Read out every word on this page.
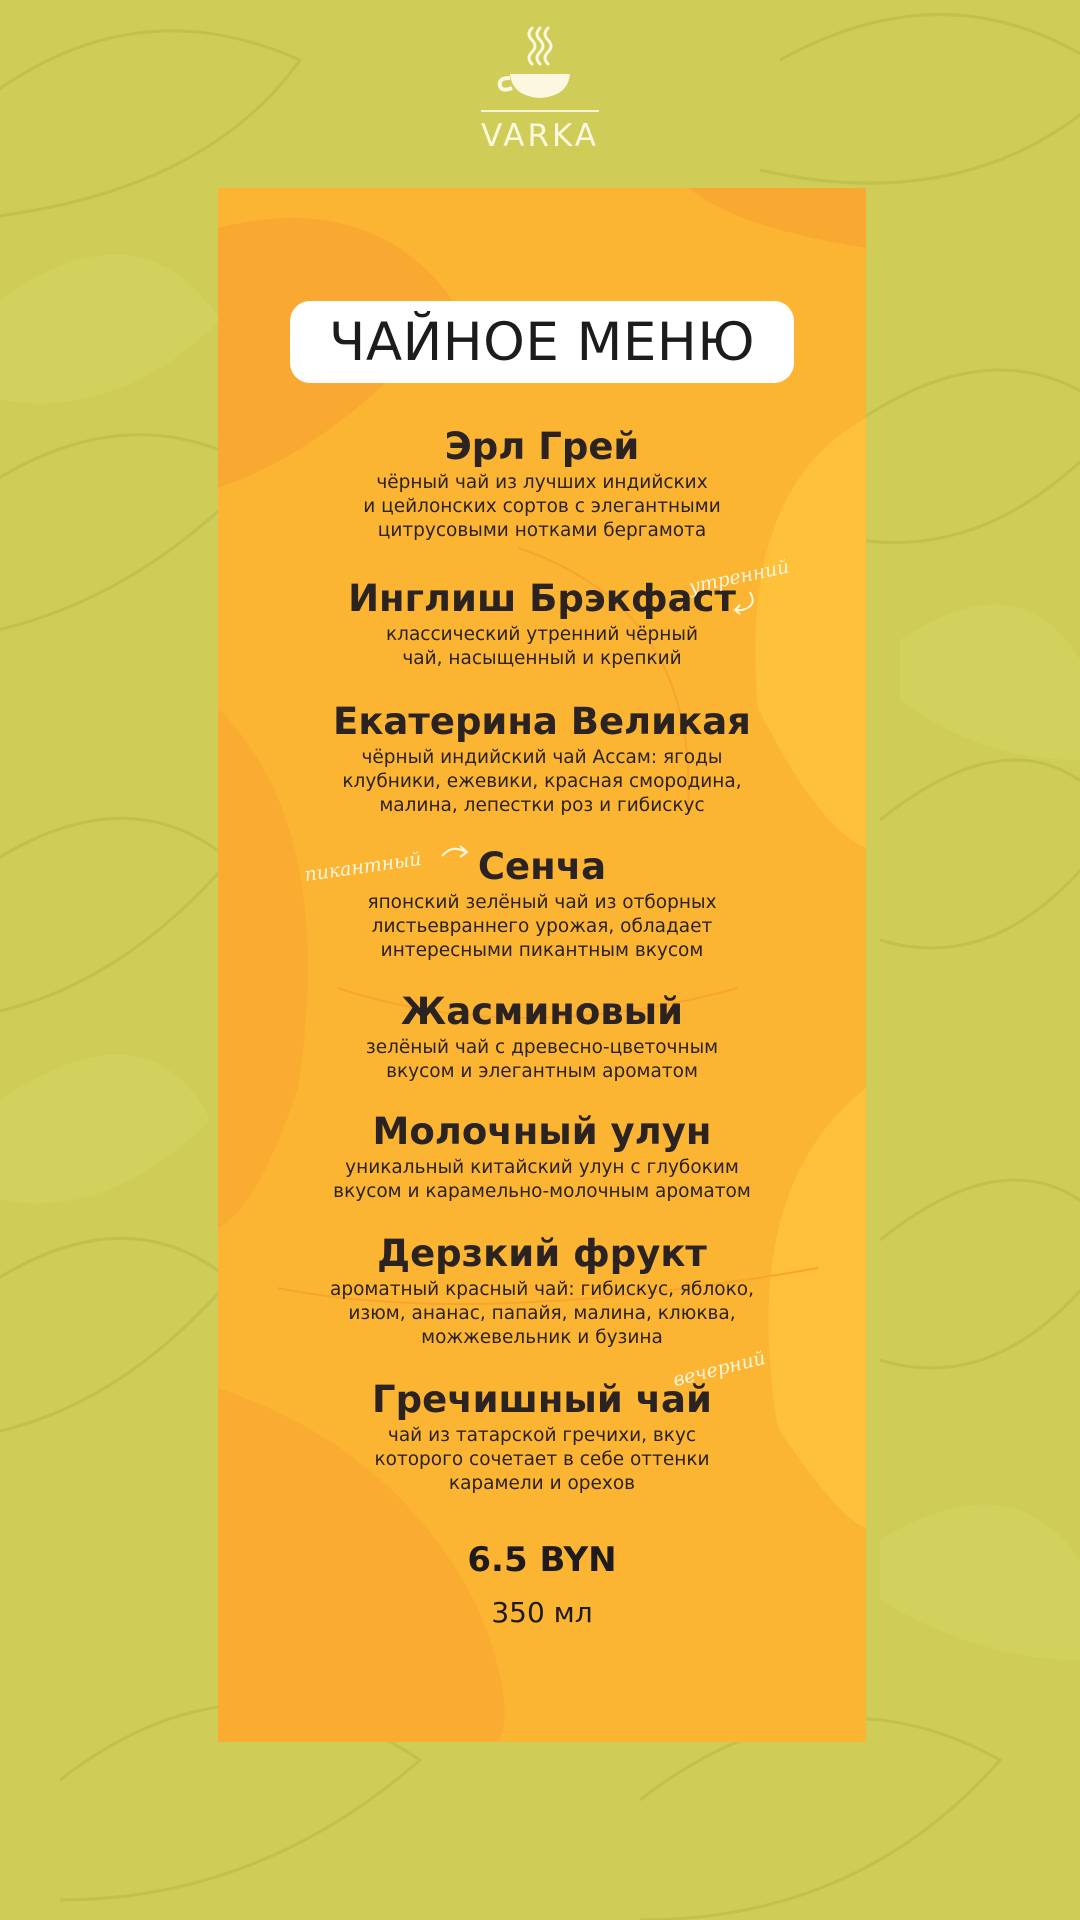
VARKA
ЧАЙНОЕ МЕНЮ
Эрл Грей
чёрный чай из лучших индийских
и цейлонских сортов с элегантными
цитрусовыми нотками бергамота
Инглиш Брэкфаст
классический утренний чёрный
чай, насыщенный и крепкий
Екатерина Великая
чёрный индийский чай Ассам: ягоды
клубники, ежевики, красная смородина,
малина, лепестки роз и гибискус
Сенча
японский зелёный чай из отборных
листьевраннего урожая, обладает
интересными пикантным вкусом
Жасминовый
зелёный чай с древесно-цветочным
вкусом и элегантным ароматом
Молочный улун
уникальный китайский улун с глубоким
вкусом и карамельно-молочным ароматом
Дерзкий фрукт
ароматный красный чай: гибискус, яблоко,
изюм, ананас, папайя, малина, клюква,
можжевельник и бузина
Гречишный чай
чай из татарской гречихи, вкус
которого сочетает в себе оттенки
карамели и орехов
утренний
пикантный
вечерний
6.5 BYN
350 мл
